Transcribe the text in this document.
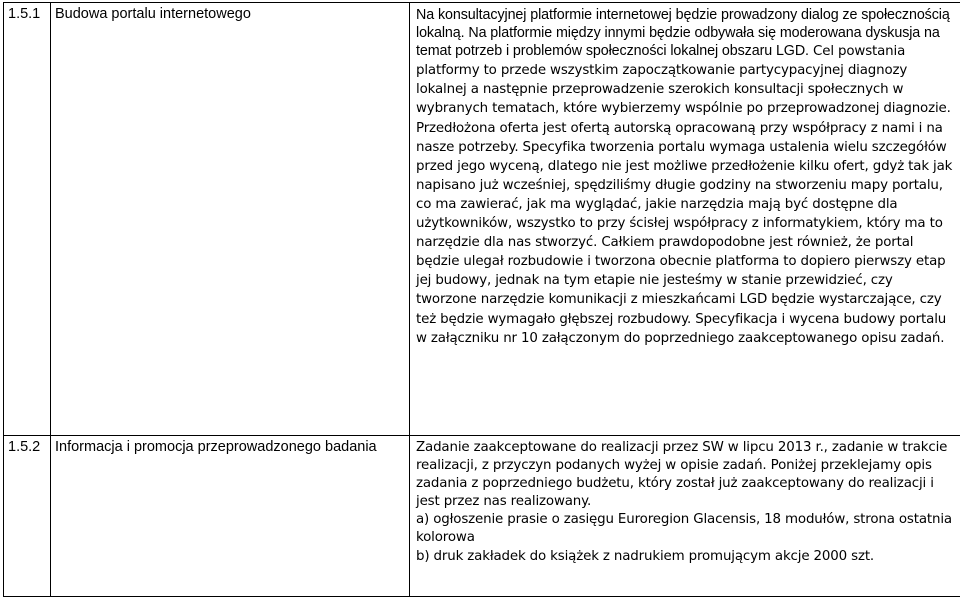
1.5.1	Budowa portalu internetowego	Na konsultacyjnej platformie internetowej będzie prowadzony dialog ze społecznością lokalną. Na platformie między innymi będzie odbywała się moderowana dyskusja na temat potrzeb i problemów społeczności lokalnej obszaru LGD. Cel powstania platformy to przede wszystkim zapoczątkowanie partycypacyjnej diagnozy lokalnej a następnie przeprowadzenie szerokich konsultacji społecznych w wybranych tematach, które wybierzemy wspólnie po przeprowadzonej diagnozie. Przedłożona oferta jest ofertą autorską opracowaną przy współpracy z nami i na nasze potrzeby. Specyfika tworzenia portalu wymaga ustalenia wielu szczegółów przed jego wyceną, dlatego nie jest możliwe przedłożenie kilku ofert, gdyż tak jak napisano już wcześniej, spędziliśmy długie godziny na stworzeniu mapy portalu, co ma zawierać, jak ma wyglądać, jakie narzędzia mają być dostępne dla użytkowników, wszystko to przy ścisłej współpracy z informatykiem, który ma to narzędzie dla nas stworzyć. Całkiem prawdopodobne jest również, że portal będzie ulegał rozbudowie i tworzona obecnie platforma to dopiero pierwszy etap jej budowy, jednak na tym etapie nie jesteśmy w stanie przewidzieć, czy tworzone narzędzie komunikacji z mieszkańcami LGD będzie wystarczające, czy też będzie wymagało głębszej rozbudowy. Specyfikacja i wycena budowy portalu w załączniku nr 10 załączonym do poprzedniego zaakceptowanego opisu zadań.

1.5.2	Informacja i promocja przeprowadzonego badania	Zadanie zaakceptowane do realizacji przez SW w lipcu 2013 r., zadanie w trakcie realizacji, z przyczyn podanych wyżej w opisie zadań. Poniżej przeklejamy opis zadania z poprzedniego budżetu, który został już zaakceptowany do realizacji i jest przez nas realizowany.

a) ogłoszenie prasie o zasięgu Euroregion Glacensis, 18 modułów, strona ostatnia kolorowa

b) druk zakładek do książek z nadrukiem promującym akcje 2000 szt.
